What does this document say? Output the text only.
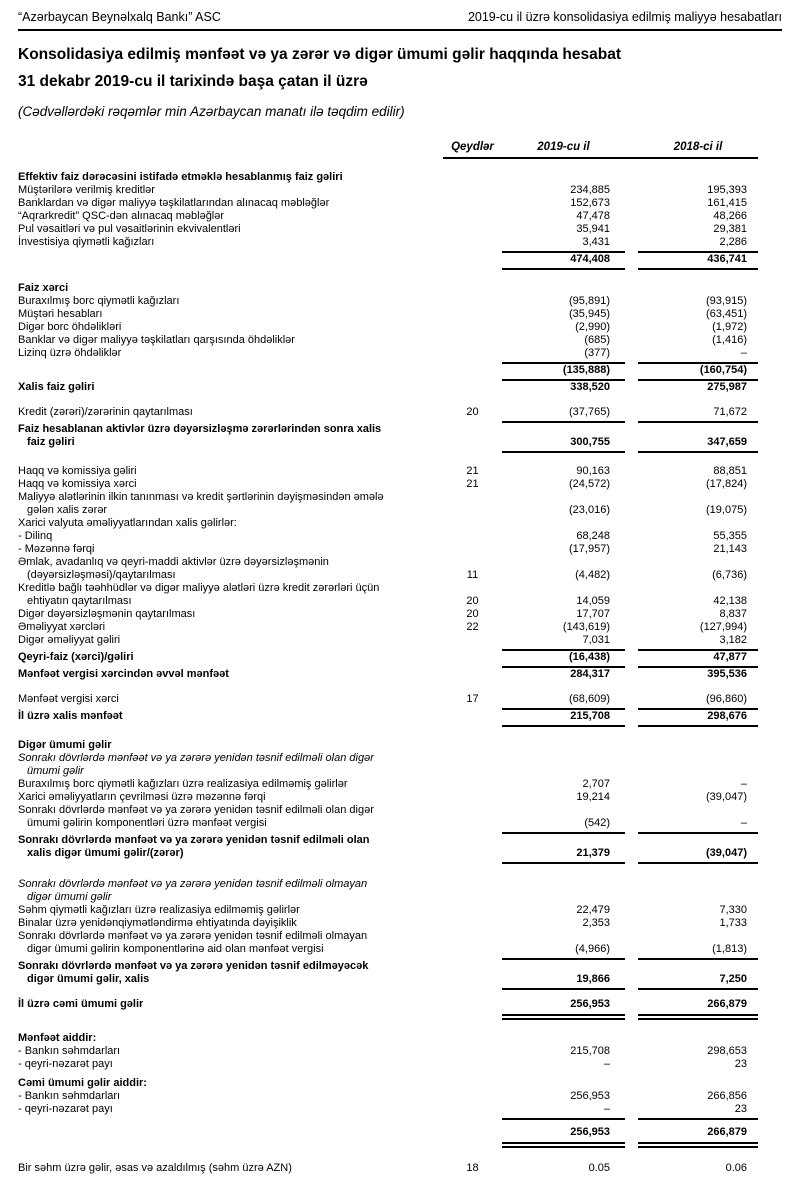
“Azərbaycan Beynəlxalq Bankı” ASC	2019-cu il üzrə konsolidasiya edilmiş maliyyə hesabatları
Konsolidasiya edilmiş mənfəət və ya zərər və digər ümumi gəlir haqqında hesabat
31 dekabr 2019-cu il tarixində başa çatan il üzrə
(Cədvəllərdəki rəqəmlər min Azərbaycan manatı ilə təqdim edilir)
Qeydlər	2019-cu il	2018-ci il
Effektiv faiz dərəcəsini istifadə etməklə hesablanmış faiz gəliri
Müştərilərə verilmiş kreditlər	234,885	195,393
Banklardan və digər maliyyə təşkilatlarından alınacaq məbləğlər	152,673	161,415
“Aqrarkredit” QSC-dən alınacaq məbləğlər	47,478	48,266
Pul vəsaitləri və pul vəsaitlərinin ekvivalentləri	35,941	29,381
İnvestisiya qiymətli kağızları	3,431	2,286
474,408	436,741
Faiz xərci
Buraxılmış borc qiymətli kağızları	(95,891)	(93,915)
Müştəri hesabları	(35,945)	(63,451)
Digər borc öhdəlikləri	(2,990)	(1,972)
Banklar və digər maliyyə təşkilatları qarşısında öhdəliklər	(685)	(1,416)
Lizinq üzrə öhdəliklər	(377)	–
(135,888)	(160,754)
Xalis faiz gəliri	338,520	275,987
Kredit (zərəri)/zərərinin qaytarılması	20	(37,765)	71,672
Faiz hesablanan aktivlər üzrə dəyərsizləşmə zərərlərindən sonra xalis
faiz gəliri	300,755	347,659
Haqq və komissiya gəliri	21	90,163	88,851
Haqq və komissiya xərci	21	(24,572)	(17,824)
Maliyyə alətlərinin ilkin tanınması və kredit şərtlərinin dəyişməsindən əmələ
gələn xalis zərər	(23,016)	(19,075)
Xarici valyuta əməliyyatlarından xalis gəlirlər:
- Dilinq	68,248	55,355
- Məzənnə fərqi	(17,957)	21,143
Əmlak, avadanlıq və qeyri-maddi aktivlər üzrə dəyərsizləşmənin
(dəyərsizləşməsi)/qaytarılması	11	(4,482)	(6,736)
Kreditlə bağlı təəhhüdlər və digər maliyyə alətləri üzrə kredit zərərləri üçün
ehtiyatın qaytarılması	20	14,059	42,138
Digər dəyərsizləşmənin qaytarılması	20	17,707	8,837
Əməliyyat xərcləri	22	(143,619)	(127,994)
Digər əməliyyat gəliri	7,031	3,182
Qeyri-faiz (xərci)/gəliri	(16,438)	47,877
Mənfəət vergisi xərcindən əvvəl mənfəət	284,317	395,536
Mənfəət vergisi xərci	17	(68,609)	(96,860)
İl üzrə xalis mənfəət	215,708	298,676
Digər ümumi gəlir
Sonrakı dövrlərdə mənfəət və ya zərərə yenidən təsnif edilməli olan digər
ümumi gəlir
Buraxılmış borc qiymətli kağızları üzrə realizasiya edilməmiş gəlirlər	2,707	–
Xarici əməliyyatların çevrilməsi üzrə məzənnə fərqi	19,214	(39,047)
Sonrakı dövrlərdə mənfəət və ya zərərə yenidən təsnif edilməli olan digər
ümumi gəlirin komponentləri üzrə mənfəət vergisi	(542)	–
Sonrakı dövrlərdə mənfəət və ya zərərə yenidən təsnif edilməli olan
xalis digər ümumi gəlir/(zərər)	21,379	(39,047)
Sonrakı dövrlərdə mənfəət və ya zərərə yenidən təsnif edilməli olmayan
digər ümumi gəlir
Səhm qiymətli kağızları üzrə realizasiya edilməmiş gəlirlər	22,479	7,330
Binalar üzrə yenidənqiymətləndirmə ehtiyatında dəyişiklik	2,353	1,733
Sonrakı dövrlərdə mənfəət və ya zərərə yenidən təsnif edilməli olmayan
digər ümumi gəlirin komponentlərinə aid olan mənfəət vergisi	(4,966)	(1,813)
Sonrakı dövrlərdə mənfəət və ya zərərə yenidən təsnif edilməyəcək
digər ümumi gəlir, xalis	19,866	7,250
İl üzrə cəmi ümumi gəlir	256,953	266,879
Mənfəət aiddir:
- Bankın səhmdarları	215,708	298,653
- qeyri-nəzarət payı	–	23
Cəmi ümumi gəlir aiddir:
- Bankın səhmdarları	256,953	266,856
- qeyri-nəzarət payı	–	23
256,953	266,879
Bir səhm üzrə gəlir, əsas və azaldılmış (səhm üzrə AZN)	18	0.05	0.06
